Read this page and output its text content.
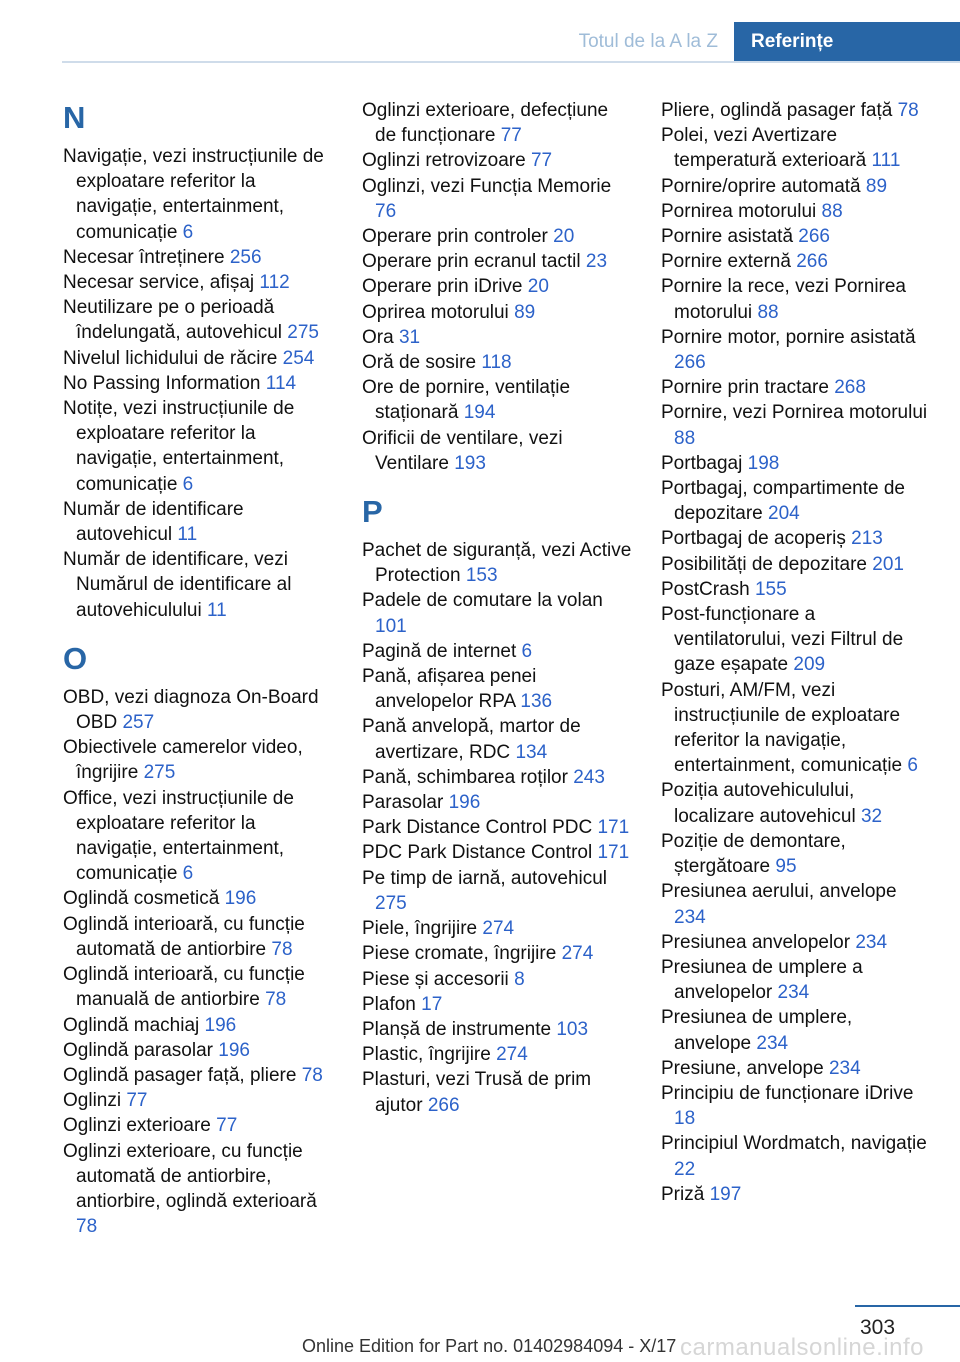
Totul de la A la Z	Referințe
N
Navigație, vezi instrucțiunile de exploatare referitor la navigație, entertainment, comunicație 6
Necesar întreținere 256
Necesar service, afișaj 112
Neutilizare pe o perioadă îndelungată, autovehicul 275
Nivelul lichidului de răcire 254
No Passing Information 114
Notițe, vezi instrucțiunile de exploatare referitor la navigație, entertainment, comunicație 6
Număr de identificare autovehicul 11
Număr de identificare, vezi Numărul de identificare al autovehiculului 11
O
OBD, vezi diagnoza On-Board OBD 257
Obiectivele camerelor video, îngrijire 275
Office, vezi instrucțiunile de exploatare referitor la navigație, entertainment, comunicație 6
Oglindă cosmetică 196
Oglindă interioară, cu funcție automată de antiorbire 78
Oglindă interioară, cu funcție manuală de antiorbire 78
Oglindă machiaj 196
Oglindă parasolar 196
Oglindă pasager față, pliere 78
Oglinzi 77
Oglinzi exterioare 77
Oglinzi exterioare, cu funcție automată de antiorbire, antiorbire, oglindă exterioară 78
Oglinzi exterioare, defecțiune de funcționare 77
Oglinzi retrovizoare 77
Oglinzi, vezi Funcția Memorie 76
Operare prin controler 20
Operare prin ecranul tactil 23
Operare prin iDrive 20
Oprirea motorului 89
Ora 31
Oră de sosire 118
Ore de pornire, ventilație staționară 194
Orificii de ventilare, vezi Ventilare 193
P
Pachet de siguranță, vezi Active Protection 153
Padele de comutare la volan 101
Pagină de internet 6
Pană, afișarea penei anvelopelor RPA 136
Pană anvelopă, martor de avertizare, RDC 134
Pană, schimbarea roților 243
Parasolar 196
Park Distance Control PDC 171
PDC Park Distance Control 171
Pe timp de iarnă, autovehicul 275
Piele, îngrijire 274
Piese cromate, îngrijire 274
Piese și accesorii 8
Plafon 17
Planșă de instrumente 103
Plastic, îngrijire 274
Plasturi, vezi Trusă de prim ajutor 266
Pliere, oglindă pasager față 78
Polei, vezi Avertizare temperatură exterioară 111
Pornire/oprire automată 89
Pornirea motorului 88
Pornire asistată 266
Pornire externă 266
Pornire la rece, vezi Pornirea motorului 88
Pornire motor, pornire asistată 266
Pornire prin tractare 268
Pornire, vezi Pornirea motorului 88
Portbagaj 198
Portbagaj, compartimente de depozitare 204
Portbagaj de acoperiș 213
Posibilități de depozitare 201
PostCrash 155
Post-funcționare a ventilatorului, vezi Filtrul de gaze eșapate 209
Posturi, AM/FM, vezi instrucțiunile de exploatare referitor la navigație, entertainment, comunicație 6
Poziția autovehiculului, localizare autovehicul 32
Poziție de demontare, ștergătoare 95
Presiunea aerului, anvelope 234
Presiunea anvelopelor 234
Presiunea de umplere a anvelopelor 234
Presiunea de umplere, anvelope 234
Presiune, anvelope 234
Principiu de funcționare iDrive 18
Principiul Wordmatch, navigație 22
Priză 197
303
Online Edition for Part no. 01402984094 - X/17 carmanualsonline.info
